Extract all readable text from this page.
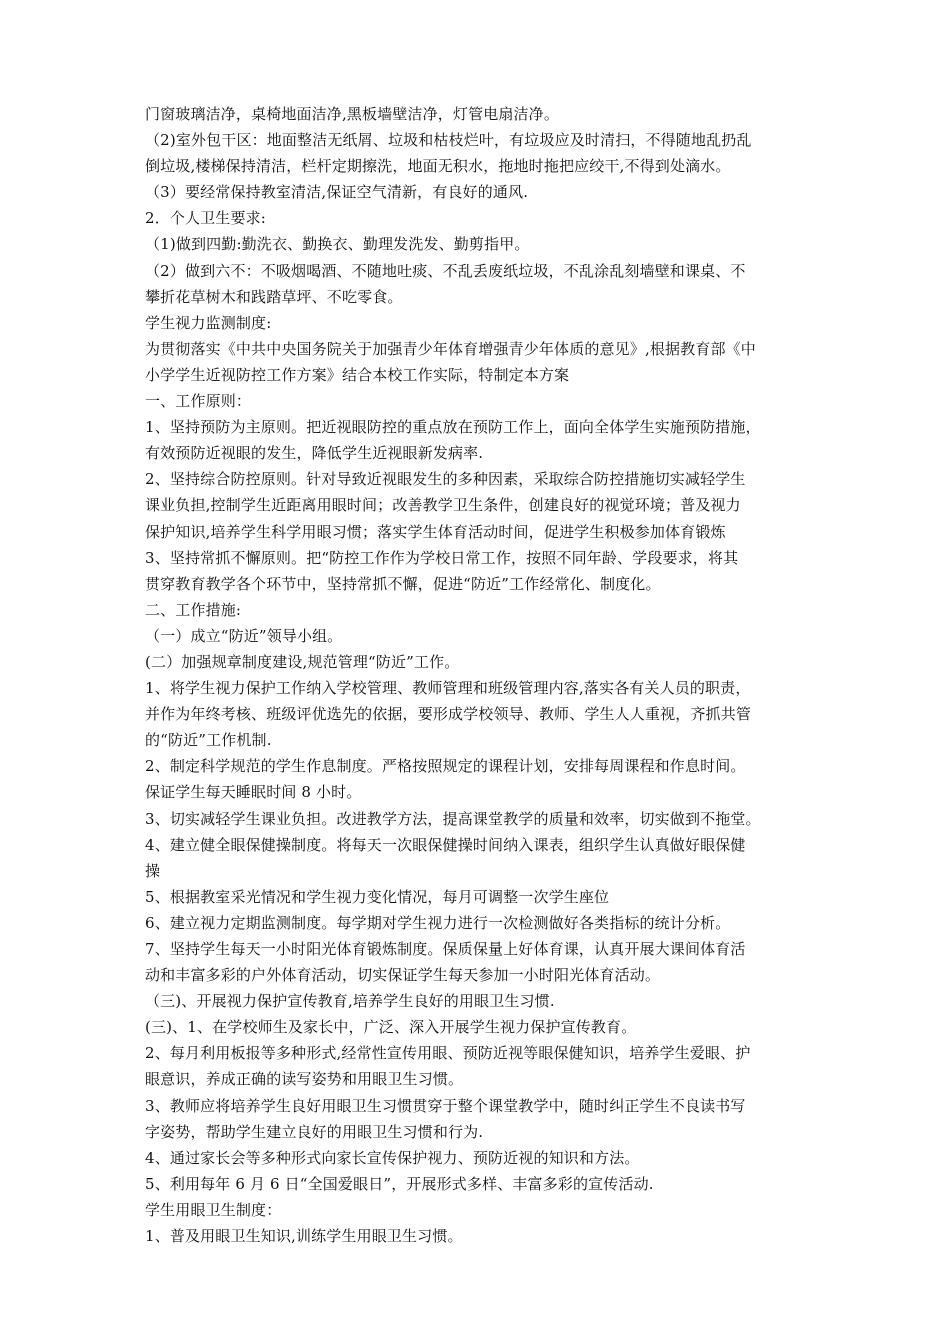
门窗玻璃洁净，桌椅地面洁净,黑板墙壁洁净，灯管电扇洁净。
（2)室外包干区：地面整洁无纸屑、垃圾和枯枝烂叶，有垃圾应及时清扫，不得随地乱扔乱
倒垃圾,楼梯保持清洁，栏杆定期擦洗，地面无积水，拖地时拖把应绞干,不得到处滴水。
（3）要经常保持教室清洁,保证空气清新，有良好的通风.
2．个人卫生要求:
（1)做到四勤:勤洗衣、勤换衣、勤理发洗发、勤剪指甲。
（2）做到六不：不吸烟喝酒、不随地吐痰、不乱丢废纸垃圾，不乱涂乱刻墙壁和课桌、不
攀折花草树木和践踏草坪、不吃零食。
学生视力监测制度:
为贯彻落实《中共中央国务院关于加强青少年体育增强青少年体质的意见》,根据教育部《中
小学学生近视防控工作方案》结合本校工作实际，特制定本方案
一、工作原则：
1、坚持预防为主原则。把近视眼防控的重点放在预防工作上，面向全体学生实施预防措施，
有效预防近视眼的发生，降低学生近视眼新发病率.
2、坚持综合防控原则。针对导致近视眼发生的多种因素，采取综合防控措施切实减轻学生
课业负担,控制学生近距离用眼时间；改善教学卫生条件，创建良好的视觉环境；普及视力
保护知识,培养学生科学用眼习惯；落实学生体育活动时间，促进学生积极参加体育锻炼
3、坚持常抓不懈原则。把“防控工作作为学校日常工作，按照不同年龄、学段要求，将其
贯穿教育教学各个环节中，坚持常抓不懈，促进“防近”工作经常化、制度化。
二、工作措施:
（一）成立“防近”领导小组。
(二）加强规章制度建设,规范管理“防近”工作。
1、将学生视力保护工作纳入学校管理、教师管理和班级管理内容,落实各有关人员的职责，
并作为年终考核、班级评优选先的依据，要形成学校领导、教师、学生人人重视，齐抓共管
的“防近”工作机制.
2、制定科学规范的学生作息制度。严格按照规定的课程计划，安排每周课程和作息时间。
保证学生每天睡眠时间 8 小时。
3、切实减轻学生课业负担。改进教学方法，提高课堂教学的质量和效率，切实做到不拖堂。
4、建立健全眼保健操制度。将每天一次眼保健操时间纳入课表，组织学生认真做好眼保健
操
5、根据教室采光情况和学生视力变化情况，每月可调整一次学生座位
6、建立视力定期监测制度。每学期对学生视力进行一次检测做好各类指标的统计分析。
7、坚持学生每天一小时阳光体育锻炼制度。保质保量上好体育课，认真开展大课间体育活
动和丰富多彩的户外体育活动，切实保证学生每天参加一小时阳光体育活动。
（三)、开展视力保护宣传教育,培养学生良好的用眼卫生习惯.
(三)、1、在学校师生及家长中，广泛、深入开展学生视力保护宣传教育。
2、每月利用板报等多种形式,经常性宣传用眼、预防近视等眼保健知识，培养学生爱眼、护
眼意识，养成正确的读写姿势和用眼卫生习惯。
3、教师应将培养学生良好用眼卫生习惯贯穿于整个课堂教学中，随时纠正学生不良读书写
字姿势，帮助学生建立良好的用眼卫生习惯和行为.
4、通过家长会等多种形式向家长宣传保护视力、预防近视的知识和方法。
5、利用每年 6 月 6 日“全国爱眼日”，开展形式多样、丰富多彩的宣传活动.
学生用眼卫生制度：
1、普及用眼卫生知识,训练学生用眼卫生习惯。
